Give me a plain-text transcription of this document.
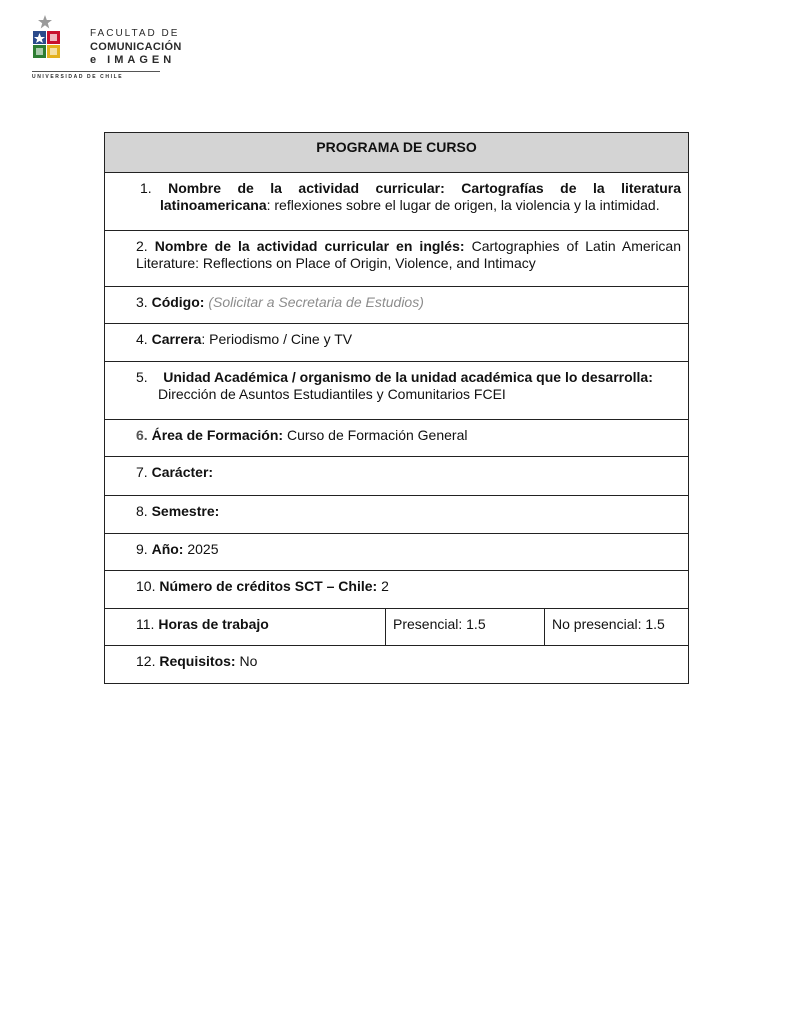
FACULTAD DE
COMUNICACIÓN
e IMAGEN
UNIVERSIDAD DE CHILE
PROGRAMA DE CURSO

1. Nombre de la actividad curricular: Cartografías de la literatura latinoamericana: reflexiones sobre el lugar de origen, la violencia y la intimidad.

2. Nombre de la actividad curricular en inglés: Cartographies of Latin American Literature: Reflections on Place of Origin, Violence, and Intimacy

3. Código: (Solicitar a Secretaria de Estudios)

4. Carrera: Periodismo / Cine y TV

5. Unidad Académica / organismo de la unidad académica que lo desarrolla:
Dirección de Asuntos Estudiantiles y Comunitarios FCEI

6. Área de Formación: Curso de Formación General

7. Carácter:

8. Semestre:

9. Año: 2025

10. Número de créditos SCT – Chile: 2

11. Horas de trabajo	Presencial: 1.5	No presencial: 1.5

12. Requisitos: No
